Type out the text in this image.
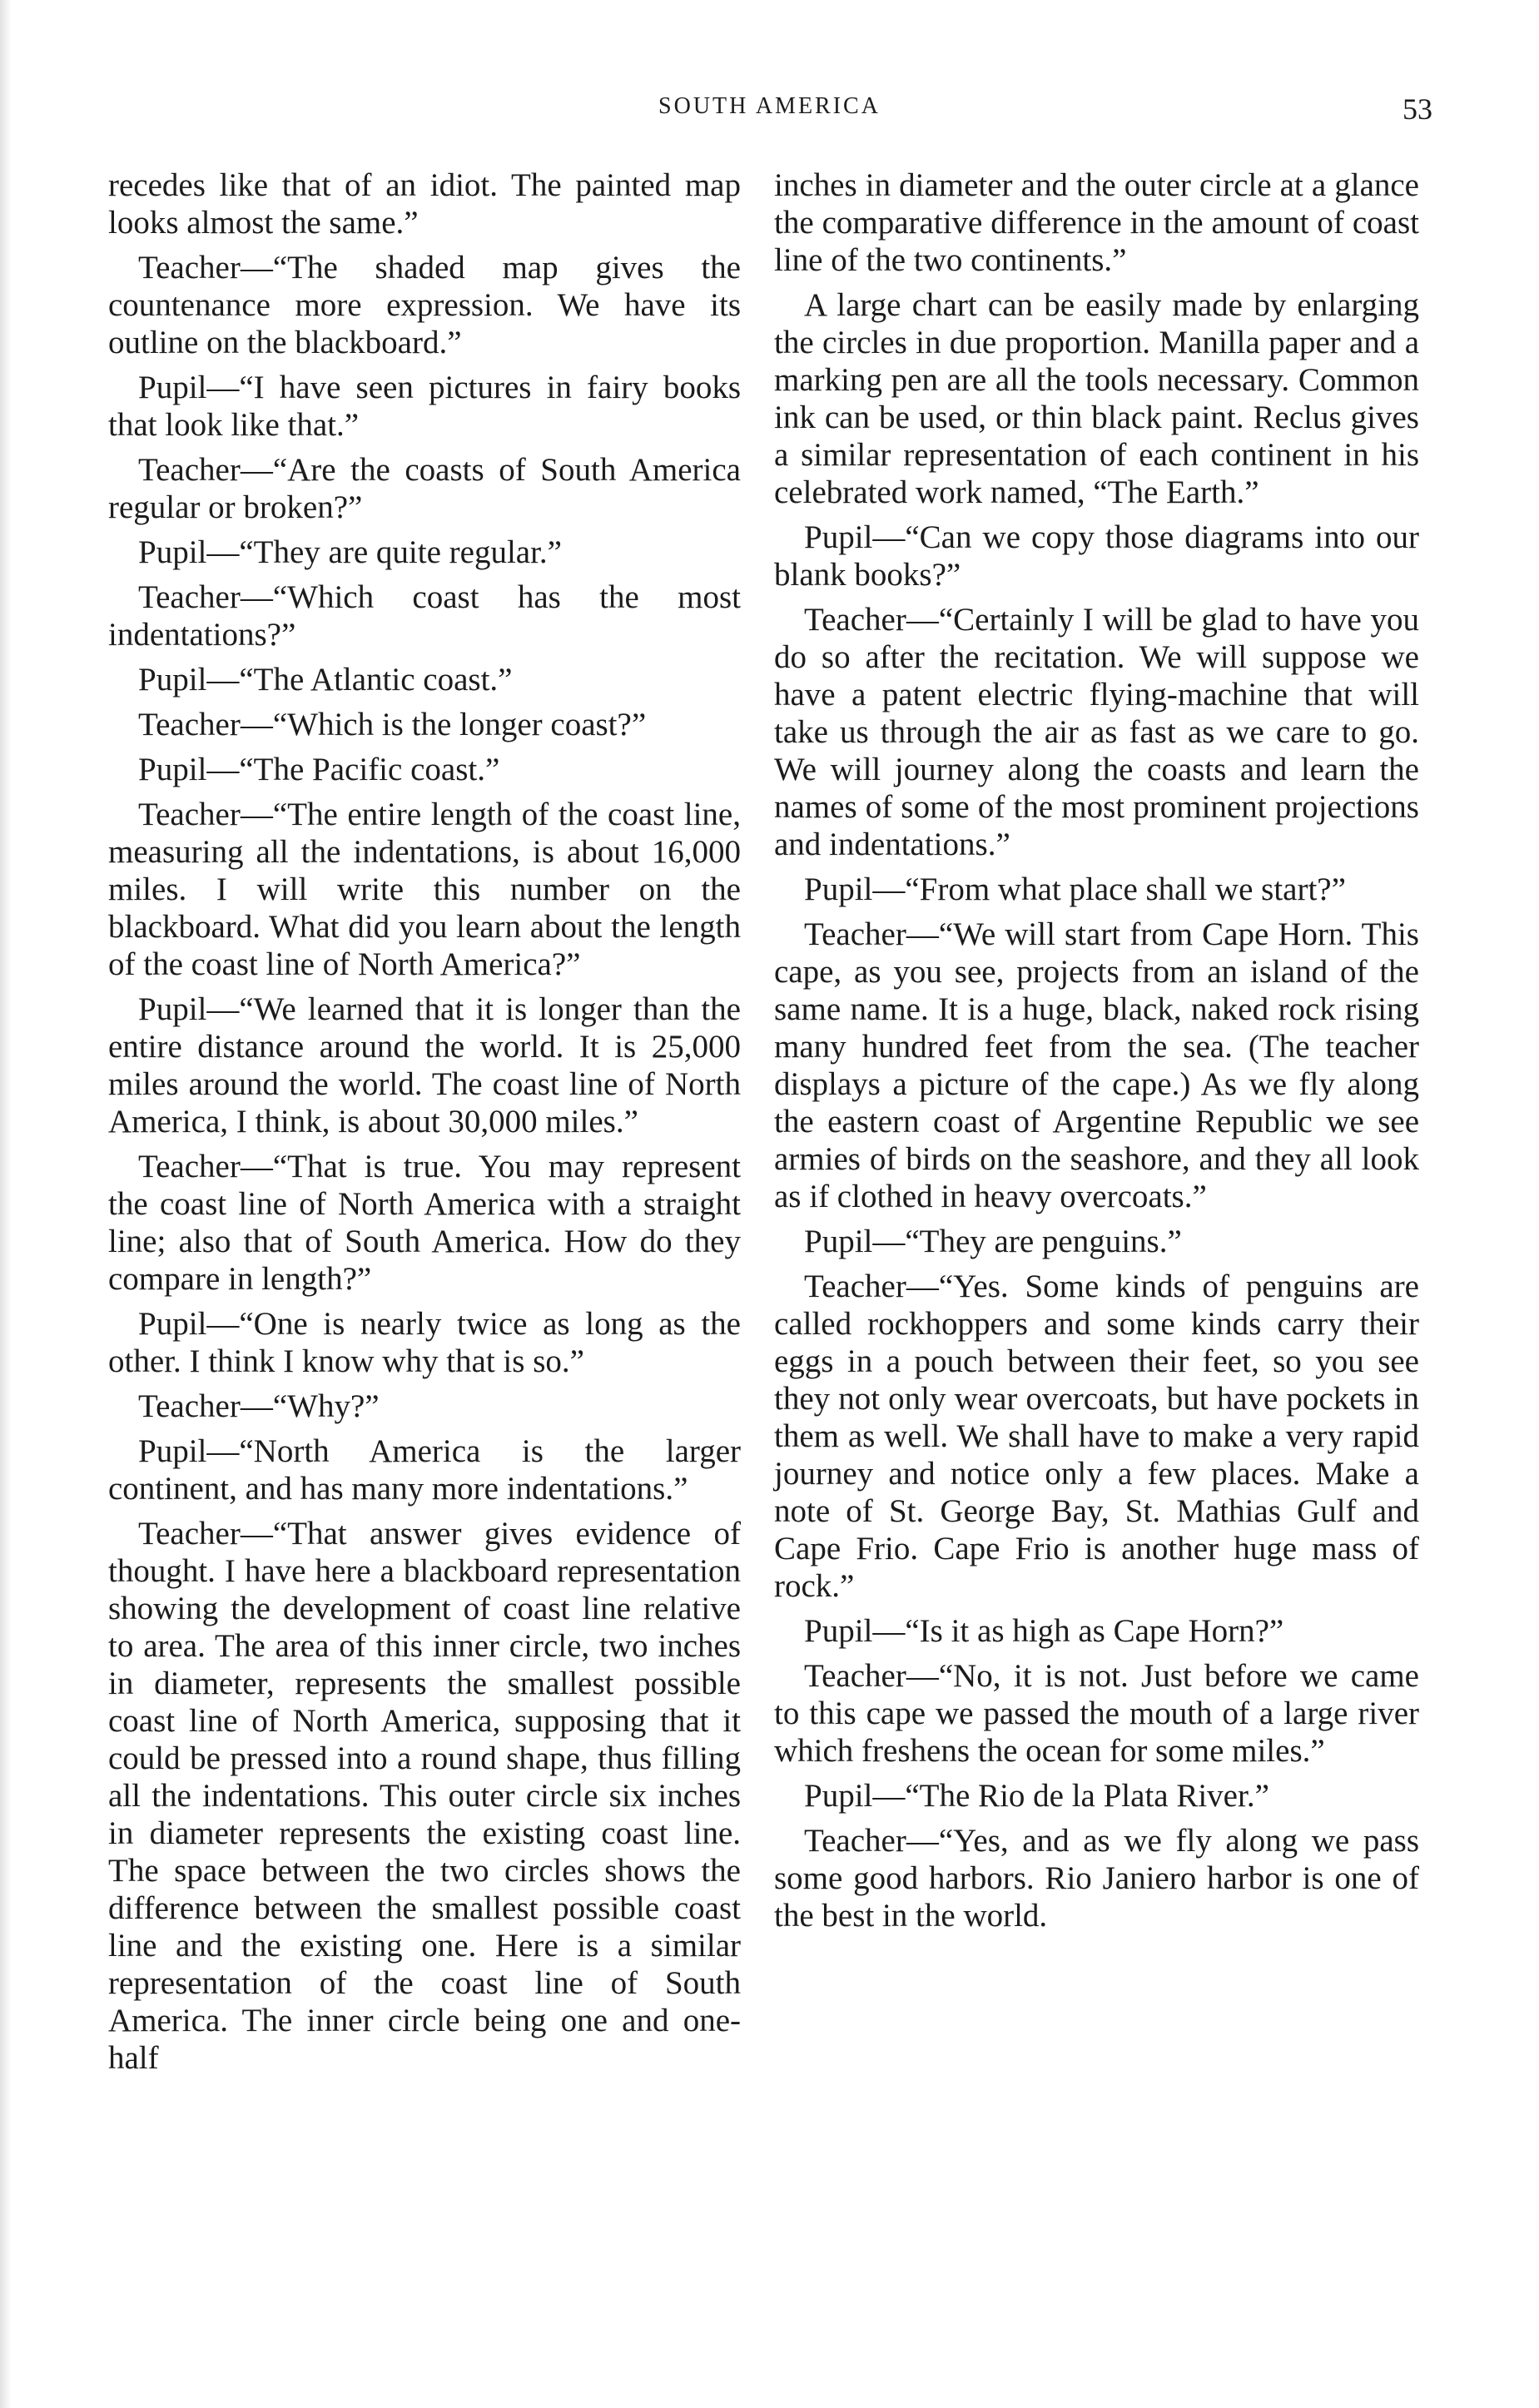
SOUTH AMERICA	53

recedes like that of an idiot. The painted map looks almost the same.”

Teacher—“The shaded map gives the countenance more expression. We have its outline on the blackboard.”

Pupil—“I have seen pictures in fairy books that look like that.”

Teacher—“Are the coasts of South America regular or broken?”

Pupil—“They are quite regular.”

Teacher—“Which coast has the most indentations?”

Pupil—“The Atlantic coast.”

Teacher—“Which is the longer coast?”

Pupil—“The Pacific coast.”

Teacher—“The entire length of the coast line, measuring all the indentations, is about 16,000 miles. I will write this number on the blackboard. What did you learn about the length of the coast line of North America?”

Pupil—“We learned that it is longer than the entire distance around the world. It is 25,000 miles around the world. The coast line of North America, I think, is about 30,000 miles.”

Teacher—“That is true. You may represent the coast line of North America with a straight line; also that of South America. How do they compare in length?”

Pupil—“One is nearly twice as long as the other. I think I know why that is so.”

Teacher—“Why?”

Pupil—“North America is the larger continent, and has many more indentations.”

Teacher—“That answer gives evidence of thought. I have here a blackboard representation showing the development of coast line relative to area. The area of this inner circle, two inches in diameter, represents the smallest possible coast line of North America, supposing that it could be pressed into a round shape, thus filling all the indentations. This outer circle six inches in diameter represents the existing coast line. The space between the two circles shows the difference between the smallest possible coast line and the existing one. Here is a similar representation of the coast line of South America. The inner circle being one and one-half

inches in diameter and the outer circle at a glance the comparative difference in the amount of coast line of the two continents.”

A large chart can be easily made by enlarging the circles in due proportion. Manilla paper and a marking pen are all the tools necessary. Common ink can be used, or thin black paint. Reclus gives a similar representation of each continent in his celebrated work named, “The Earth.”

Pupil—“Can we copy those diagrams into our blank books?”

Teacher—“Certainly I will be glad to have you do so after the recitation. We will suppose we have a patent electric flying-machine that will take us through the air as fast as we care to go. We will journey along the coasts and learn the names of some of the most prominent projections and indentations.”

Pupil—“From what place shall we start?”

Teacher—“We will start from Cape Horn. This cape, as you see, projects from an island of the same name. It is a huge, black, naked rock rising many hundred feet from the sea. (The teacher displays a picture of the cape.) As we fly along the eastern coast of Argentine Republic we see armies of birds on the seashore, and they all look as if clothed in heavy overcoats.”

Pupil—“They are penguins.”

Teacher—“Yes. Some kinds of penguins are called rockhoppers and some kinds carry their eggs in a pouch between their feet, so you see they not only wear overcoats, but have pockets in them as well. We shall have to make a very rapid journey and notice only a few places. Make a note of St. George Bay, St. Mathias Gulf and Cape Frio. Cape Frio is another huge mass of rock.”

Pupil—“Is it as high as Cape Horn?”

Teacher—“No, it is not. Just before we came to this cape we passed the mouth of a large river which freshens the ocean for some miles.”

Pupil—“The Rio de la Plata River.”

Teacher—“Yes, and as we fly along we pass some good harbors. Rio Janiero harbor is one of the best in the world.
